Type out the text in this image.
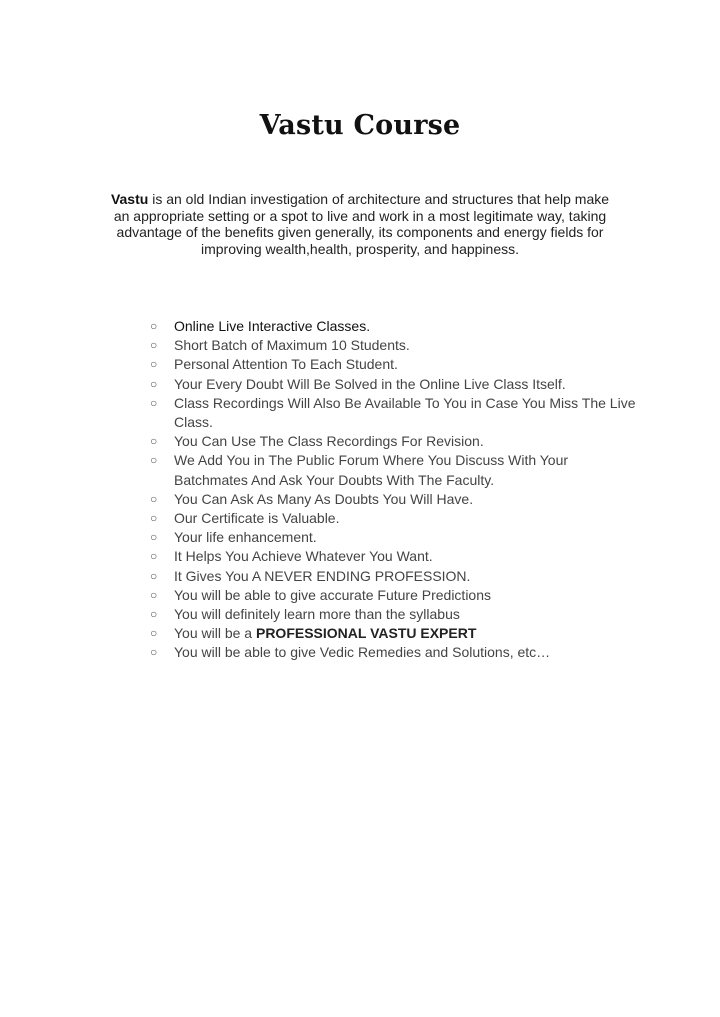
Vastu Course

Vastu is an old Indian investigation of architecture and structures that help make an appropriate setting or a spot to live and work in a most legitimate way, taking advantage of the benefits given generally, its components and energy fields for improving wealth,health, prosperity, and happiness.

○	Online Live Interactive Classes.
○	Short Batch of Maximum 10 Students.
○	Personal Attention To Each Student.
○	Your Every Doubt Will Be Solved in the Online Live Class Itself.
○	Class Recordings Will Also Be Available To You in Case You Miss The Live Class.
○	You Can Use The Class Recordings For Revision.
○	We Add You in The Public Forum Where You Discuss With Your Batchmates And Ask Your Doubts With The Faculty.
○	You Can Ask As Many As Doubts You Will Have.
○	Our Certificate is Valuable.
○	Your life enhancement.
○	It Helps You Achieve Whatever You Want.
○	It Gives You A NEVER ENDING PROFESSION.
○	You will be able to give accurate Future Predictions
○	You will definitely learn more than the syllabus
○	You will be a PROFESSIONAL VASTU EXPERT
○	You will be able to give Vedic Remedies and Solutions, etc…
